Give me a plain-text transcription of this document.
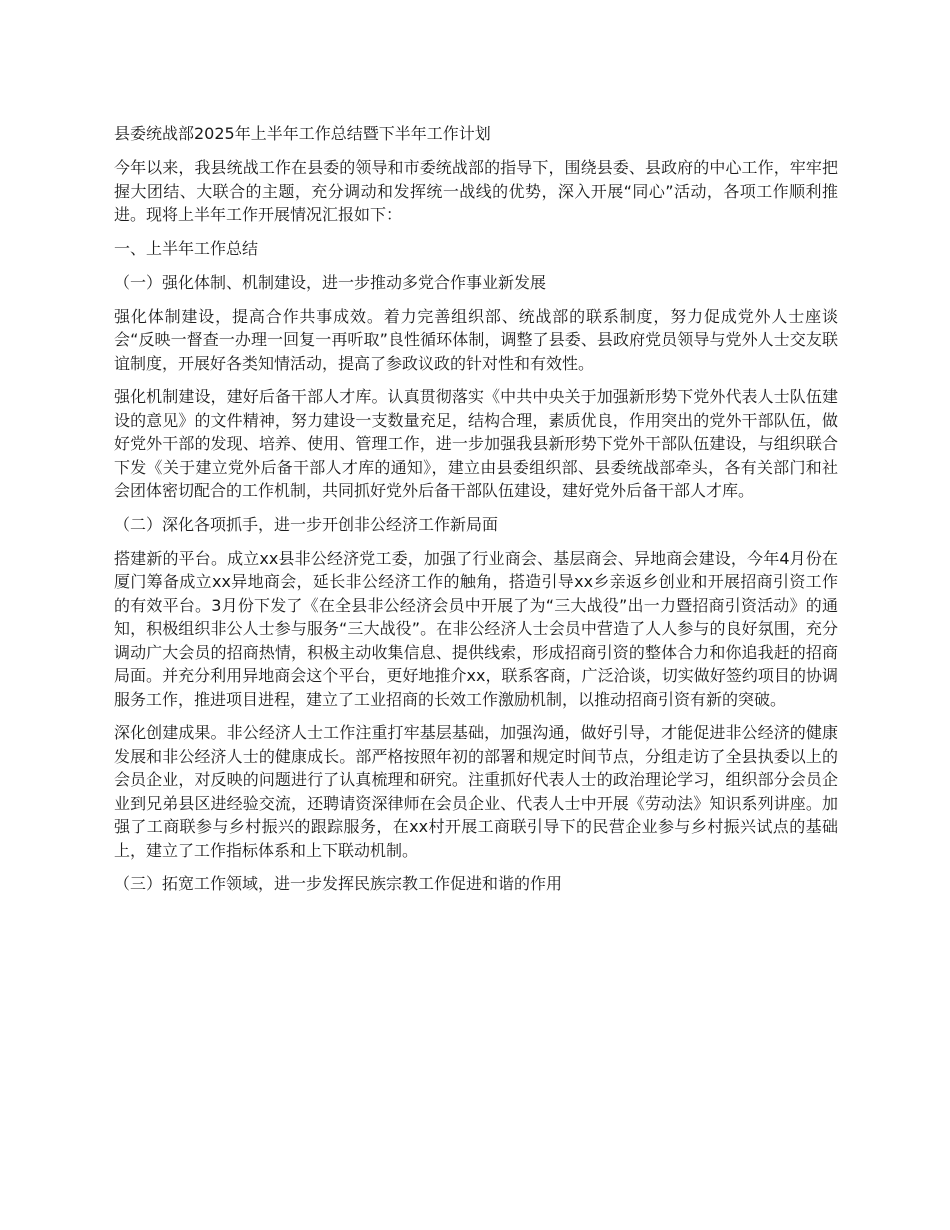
县委统战部2025年上半年工作总结暨下半年工作计划

今年以来，我县统战工作在县委的领导和市委统战部的指导下，围绕县委、县政府的中心工作，牢牢把握大团结、大联合的主题，充分调动和发挥统一战线的优势，深入开展“同心”活动，各项工作顺利推进。现将上半年工作开展情况汇报如下：

一、上半年工作总结
（一）强化体制、机制建设，进一步推动多党合作事业新发展

强化体制建设，提高合作共事成效。着力完善组织部、统战部的联系制度，努力促成党外人士座谈会“反映一督查一办理一回复一再听取”良性循环体制，调整了县委、县政府党员领导与党外人士交友联谊制度，开展好各类知情活动，提高了参政议政的针对性和有效性。

强化机制建设，建好后备干部人才库。认真贯彻落实《中共中央关于加强新形势下党外代表人士队伍建设的意见》的文件精神，努力建设一支数量充足，结构合理，素质优良，作用突出的党外干部队伍，做好党外干部的发现、培养、使用、管理工作，进一步加强我县新形势下党外干部队伍建设，与组织联合下发《关于建立党外后备干部人才库的通知》，建立由县委组织部、县委统战部牵头，各有关部门和社会团体密切配合的工作机制，共同抓好党外后备干部队伍建设，建好党外后备干部人才库。

（二）深化各项抓手，进一步开创非公经济工作新局面

搭建新的平台。成立xx县非公经济党工委，加强了行业商会、基层商会、异地商会建设，今年4月份在厦门筹备成立xx异地商会，延长非公经济工作的触角，搭造引导xx乡亲返乡创业和开展招商引资工作的有效平台。3月份下发了《在全县非公经济会员中开展了为“三大战役”出一力暨招商引资活动》的通知，积极组织非公人士参与服务“三大战役”。在非公经济人士会员中营造了人人参与的良好氛围，充分调动广大会员的招商热情，积极主动收集信息、提供线索，形成招商引资的整体合力和你追我赶的招商局面。并充分利用异地商会这个平台，更好地推介xx，联系客商，广泛洽谈，切实做好签约项目的协调服务工作，推进项目进程，建立了工业招商的长效工作激励机制，以推动招商引资有新的突破。

深化创建成果。非公经济人士工作注重打牢基层基础，加强沟通，做好引导，才能促进非公经济的健康发展和非公经济人士的健康成长。部严格按照年初的部署和规定时间节点，分组走访了全县执委以上的会员企业，对反映的问题进行了认真梳理和研究。注重抓好代表人士的政治理论学习，组织部分会员企业到兄弟县区进经验交流，还聘请资深律师在会员企业、代表人士中开展《劳动法》知识系列讲座。加强了工商联参与乡村振兴的跟踪服务，在xx村开展工商联引导下的民营企业参与乡村振兴试点的基础上，建立了工作指标体系和上下联动机制。

（三）拓宽工作领域，进一步发挥民族宗教工作促进和谐的作用
